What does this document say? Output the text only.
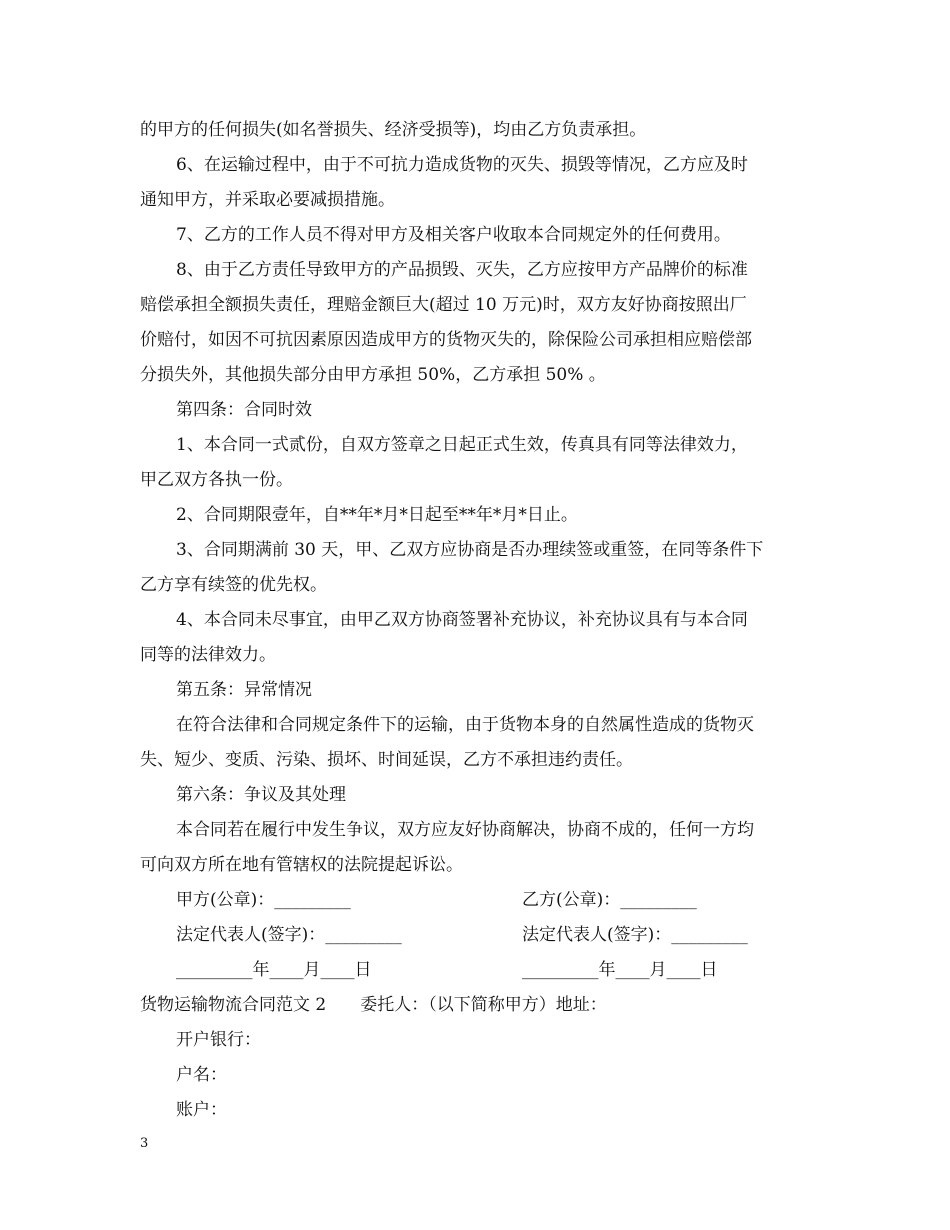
的甲方的任何损失(如名誉损失、经济受损等)，均由乙方负责承担。
6、在运输过程中，由于不可抗力造成货物的灭失、损毁等情况，乙方应及时
通知甲方，并采取必要减损措施。
7、乙方的工作人员不得对甲方及相关客户收取本合同规定外的任何费用。
8、由于乙方责任导致甲方的产品损毁、灭失，乙方应按甲方产品牌价的标准
赔偿承担全额损失责任，理赔金额巨大(超过 10 万元)时，双方友好协商按照出厂
价赔付，如因不可抗因素原因造成甲方的货物灭失的，除保险公司承担相应赔偿部
分损失外，其他损失部分由甲方承担 50%，乙方承担 50% 。
第四条：合同时效
1、本合同一式贰份，自双方签章之日起正式生效，传真具有同等法律效力，
甲乙双方各执一份。
2、合同期限壹年，自**年*月*日起至**年*月*日止。
3、合同期满前 30 天，甲、乙双方应协商是否办理续签或重签，在同等条件下
乙方享有续签的优先权。
4、本合同未尽事宜，由甲乙双方协商签署补充协议，补充协议具有与本合同
同等的法律效力。
第五条：异常情况
在符合法律和合同规定条件下的运输，由于货物本身的自然属性造成的货物灭
失、短少、变质、污染、损坏、时间延误，乙方不承担违约责任。
第六条：争议及其处理
本合同若在履行中发生争议，双方应友好协商解决，协商不成的，任何一方均
可向双方所在地有管辖权的法院提起诉讼。
甲方(公章)：_________	乙方(公章)：_________
法定代表人(签字)：_________	法定代表人(签字)：_________
_________年____月____日	_________年____月____日
货物运输物流合同范文 2　　委托人：（以下简称甲方）地址：
开户银行：
户名：
账户：
3
